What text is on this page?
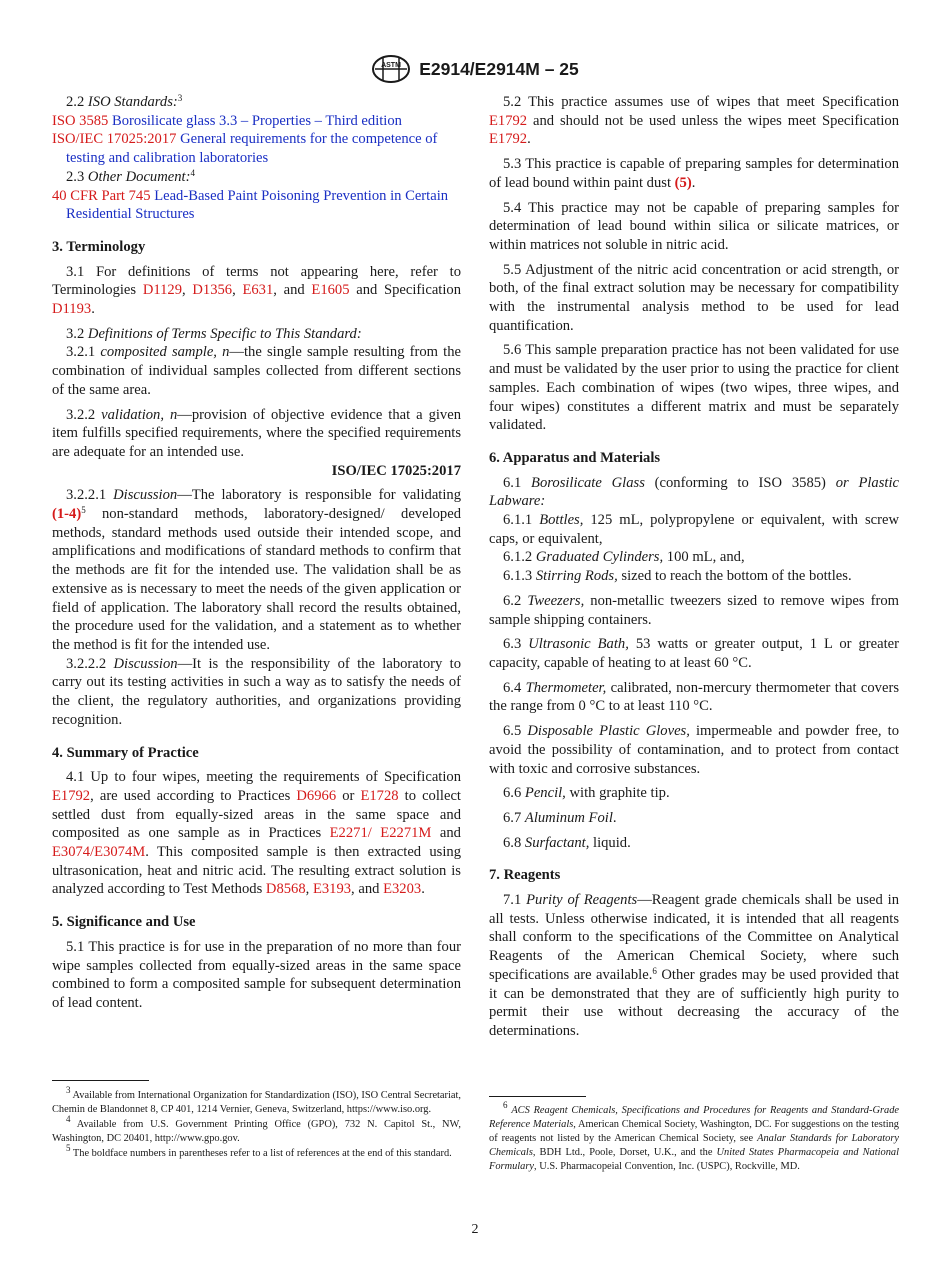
ASTM E2914/E2914M – 25

2.2 ISO Standards:$^3$

ISO 3585 Borosilicate glass 3.3 – Properties – Third edition

ISO/IEC 17025:2017 General requirements for the competence of testing and calibration laboratories

2.3 Other Document:$^4$

40 CFR Part 745 Lead-Based Paint Poisoning Prevention in Certain Residential Structures

3. Terminology

3.1 For definitions of terms not appearing here, refer to Terminologies D1129, D1356, E631, and E1605 and Specification D1193.

3.2 Definitions of Terms Specific to This Standard:

3.2.1 composited sample, n—the single sample resulting from the combination of individual samples collected from different sections of the same area.

3.2.2 validation, n—provision of objective evidence that a given item fulfills specified requirements, where the specified requirements are adequate for an intended use.

ISO/IEC 17025:2017

3.2.2.1 Discussion—The laboratory is responsible for validating $(1-4)^5$ non-standard methods, laboratory-designed/ developed methods, standard methods used outside their intended scope, and amplifications and modifications of standard methods to confirm that the methods are fit for the intended use. The validation shall be as extensive as is necessary to meet the needs of the given application or field of application. The laboratory shall record the results obtained, the procedure used for the validation, and a statement as to whether the method is fit for the intended use.

3.2.2.2 Discussion—It is the responsibility of the laboratory to carry out its testing activities in such a way as to satisfy the needs of the client, the regulatory authorities, and organizations providing recognition.

4. Summary of Practice

4.1 Up to four wipes, meeting the requirements of Specification E1792, are used according to Practices D6966 or E1728 to collect settled dust from equally-sized areas in the same space and composited as one sample as in Practices E2271/ E2271M and E3074/E3074M. This composited sample is then extracted using ultrasonication, heat and nitric acid. The resulting extract solution is analyzed according to Test Methods D8568, E3193, and E3203.

5. Significance and Use

5.1 This practice is for use in the preparation of no more than four wipe samples collected from equally-sized areas in the same space combined to form a composited sample for subsequent determination of lead content.

5.2 This practice assumes use of wipes that meet Specification E1792 and should not be used unless the wipes meet Specification E1792.

5.3 This practice is capable of preparing samples for determination of lead bound within paint dust (5).

5.4 This practice may not be capable of preparing samples for determination of lead bound within silica or silicate matrices, or within matrices not soluble in nitric acid.

5.5 Adjustment of the nitric acid concentration or acid strength, or both, of the final extract solution may be necessary for compatibility with the instrumental analysis method to be used for lead quantification.

5.6 This sample preparation practice has not been validated for use and must be validated by the user prior to using the practice for client samples. Each combination of wipes (two wipes, three wipes, and four wipes) constitutes a different matrix and must be separately validated.

6. Apparatus and Materials

6.1 Borosilicate Glass (conforming to ISO 3585) or Plastic Labware:

6.1.1 Bottles, 125 mL, polypropylene or equivalent, with screw caps, or equivalent,

6.1.2 Graduated Cylinders, 100 mL, and,

6.1.3 Stirring Rods, sized to reach the bottom of the bottles.

6.2 Tweezers, non-metallic tweezers sized to remove wipes from sample shipping containers.

6.3 Ultrasonic Bath, 53 watts or greater output, 1 L or greater capacity, capable of heating to at least 60 °C.

6.4 Thermometer, calibrated, non-mercury thermometer that covers the range from 0 °C to at least 110 °C.

6.5 Disposable Plastic Gloves, impermeable and powder free, to avoid the possibility of contamination, and to protect from contact with toxic and corrosive substances.

6.6 Pencil, with graphite tip.

6.7 Aluminum Foil.

6.8 Surfactant, liquid.

7. Reagents

7.1 Purity of Reagents—Reagent grade chemicals shall be used in all tests. Unless otherwise indicated, it is intended that all reagents shall conform to the specifications of the Committee on Analytical Reagents of the American Chemical Society, where such specifications are available.$^6$ Other grades may be used provided that it can be demonstrated that they are of sufficiently high purity to permit their use without decreasing the accuracy of the determinations.

$^3$ Available from International Organization for Standardization (ISO), ISO Central Secretariat, Chemin de Blandonnet 8, CP 401, 1214 Vernier, Geneva, Switzerland, https://www.iso.org.

$^4$ Available from U.S. Government Printing Office (GPO), 732 N. Capitol St., NW, Washington, DC 20401, http://www.gpo.gov.

$^5$ The boldface numbers in parentheses refer to a list of references at the end of this standard.

$^6$ ACS Reagent Chemicals, Specifications and Procedures for Reagents and Standard-Grade Reference Materials, American Chemical Society, Washington, DC. For suggestions on the testing of reagents not listed by the American Chemical Society, see Analar Standards for Laboratory Chemicals, BDH Ltd., Poole, Dorset, U.K., and the United States Pharmacopeia and National Formulary, U.S. Pharmacopeial Convention, Inc. (USPC), Rockville, MD.

2
